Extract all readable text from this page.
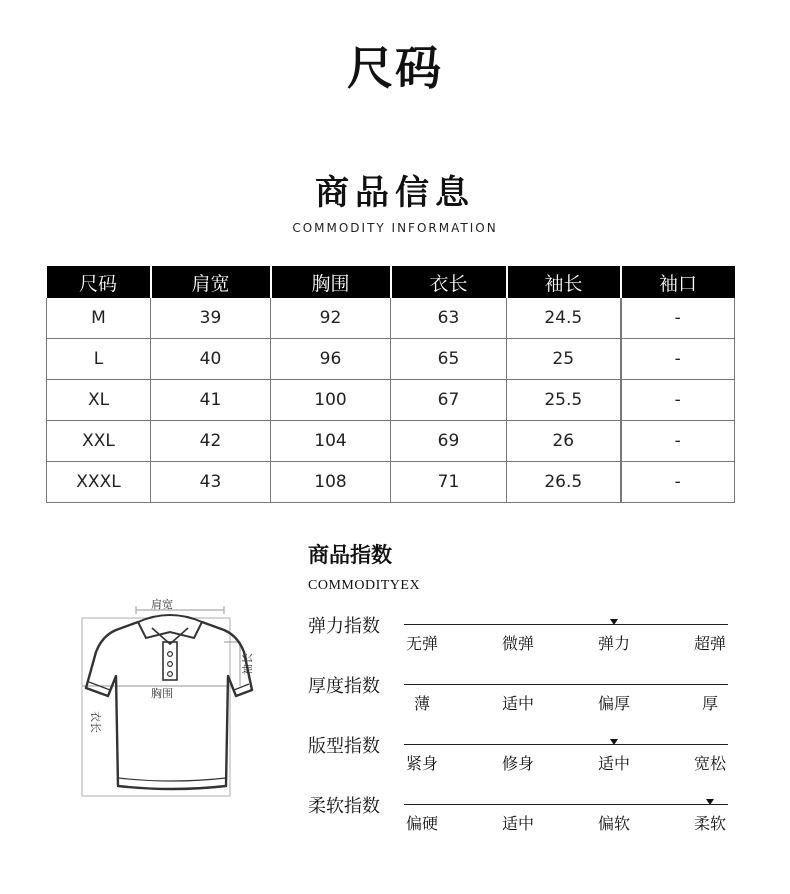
尺码
商品信息
COMMODITY INFORMATION
尺码	肩宽	胸围	衣长	袖长	袖口
M	39	92	63	24.5	-
L	40	96	65	25	-
XL	41	100	67	25.5	-
XXL	42	104	69	26	-
XXXL	43	108	71	26.5	-
肩宽
胸围
袖长
衣长
商品指数
COMMODITYEX
弹力指数
无弹	微弹	弹力	超弹
厚度指数
薄	适中	偏厚	厚
版型指数
紧身	修身	适中	宽松
柔软指数
偏硬	适中	偏软	柔软
